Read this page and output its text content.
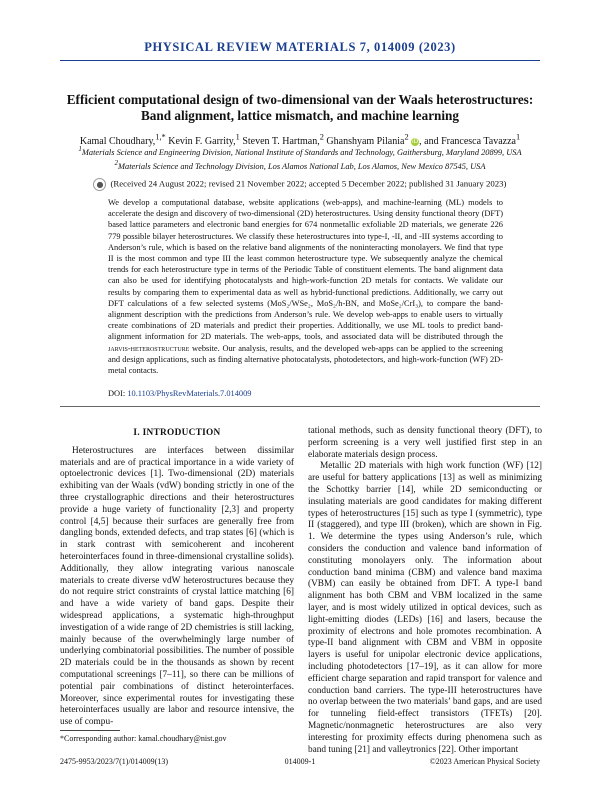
PHYSICAL REVIEW MATERIALS 7, 014009 (2023)
Efficient computational design of two-dimensional van der Waals heterostructures:
Band alignment, lattice mismatch, and machine learning
Kamal Choudhary,$^{1,*}$ Kevin F. Garrity,$^1$ Steven T. Hartman,$^2$ Ghanshyam Pilania$^2$ iD, and Francesca Tavazza$^1$
$^1$Materials Science and Engineering Division, National Institute of Standards and Technology, Gaithersburg, Maryland 20899, USA
$^2$Materials Science and Technology Division, Los Alamos National Lab, Los Alamos, New Mexico 87545, USA
● (Received 24 August 2022; revised 21 November 2022; accepted 5 December 2022; published 31 January 2023)

We develop a computational database, website applications (web-apps), and machine-learning (ML) models to accelerate the design and discovery of two-dimensional (2D) heterostructures. Using density functional theory (DFT) based lattice parameters and electronic band energies for 674 nonmetallic exfoliable 2D materials, we generate 226 779 possible bilayer heterostructures. We classify these heterostructures into type-I, -II, and -III systems according to Anderson’s rule, which is based on the relative band alignments of the noninteracting monolayers. We find that type II is the most common and type III the least common heterostructure type. We subsequently analyze the chemical trends for each heterostructure type in terms of the Periodic Table of constituent elements. The band alignment data can also be used for identifying photocatalysts and high-work-function 2D metals for contacts. We validate our results by comparing them to experimental data as well as hybrid-functional predictions. Additionally, we carry out DFT calculations of a few selected systems (MoS₂/WSe₂, MoS₂/h-BN, and MoSe₂/CrI₃), to compare the band-alignment description with the predictions from Anderson’s rule. We develop web-apps to enable users to virtually create combinations of 2D materials and predict their properties. Additionally, we use ML tools to predict band-alignment information for 2D materials. The web-apps, tools, and associated data will be distributed through the jarvis-heterostructure website. Our analysis, results, and the developed web-apps can be applied to the screening and design applications, such as finding alternative photocatalysts, photodetectors, and high-work-function (WF) 2D-metal contacts.

DOI: 10.1103/PhysRevMaterials.7.014009
I. INTRODUCTION

Heterostructures are interfaces between dissimilar materials and are of practical importance in a wide variety of optoelectronic devices [1]. Two-dimensional (2D) materials exhibiting van der Waals (vdW) bonding strictly in one of the three crystallographic directions and their heterostructures provide a huge variety of functionality [2,3] and property control [4,5] because their surfaces are generally free from dangling bonds, extended defects, and trap states [6] (which is in stark contrast with semicoherent and incoherent heterointerfaces found in three-dimensional crystalline solids). Additionally, they allow integrating various nanoscale materials to create diverse vdW heterostructures because they do not require strict constraints of crystal lattice matching [6] and have a wide variety of band gaps. Despite their widespread applications, a systematic high-throughput investigation of a wide range of 2D chemistries is still lacking, mainly because of the overwhelmingly large number of underlying combinatorial possibilities. The number of possible 2D materials could be in the thousands as shown by recent computational screenings [7–11], so there can be millions of potential pair combinations of distinct heterointerfaces. Moreover, since experimental routes for investigating these heterointerfaces usually are labor and resource intensive, the use of compu-

tational methods, such as density functional theory (DFT), to perform screening is a very well justified first step in an elaborate materials design process.

Metallic 2D materials with high work function (WF) [12] are useful for battery applications [13] as well as minimizing the Schottky barrier [14], while 2D semiconducting or insulating materials are good candidates for making different types of heterostructures [15] such as type I (symmetric), type II (staggered), and type III (broken), which are shown in Fig. 1. We determine the types using Anderson’s rule, which considers the conduction and valence band information of constituting monolayers only. The information about conduction band minima (CBM) and valence band maxima (VBM) can easily be obtained from DFT. A type-I band alignment has both CBM and VBM localized in the same layer, and is most widely utilized in optical devices, such as light-emitting diodes (LEDs) [16] and lasers, because the proximity of electrons and hole promotes recombination. A type-II band alignment with CBM and VBM in opposite layers is useful for unipolar electronic device applications, including photodetectors [17–19], as it can allow for more efficient charge separation and rapid transport for valence and conduction band carriers. The type-III heterostructures have no overlap between the two materials’ band gaps, and are used for tunneling field-effect transistors (TFETs) [20]. Magnetic/nonmagnetic heterostructures are also very interesting for proximity effects during phenomena such as band tuning [21] and valleytronics [22]. Other important

*Corresponding author: kamal.choudhary@nist.gov
2475-9953/2023/7(1)/014009(13)	014009-1	©2023 American Physical Society
